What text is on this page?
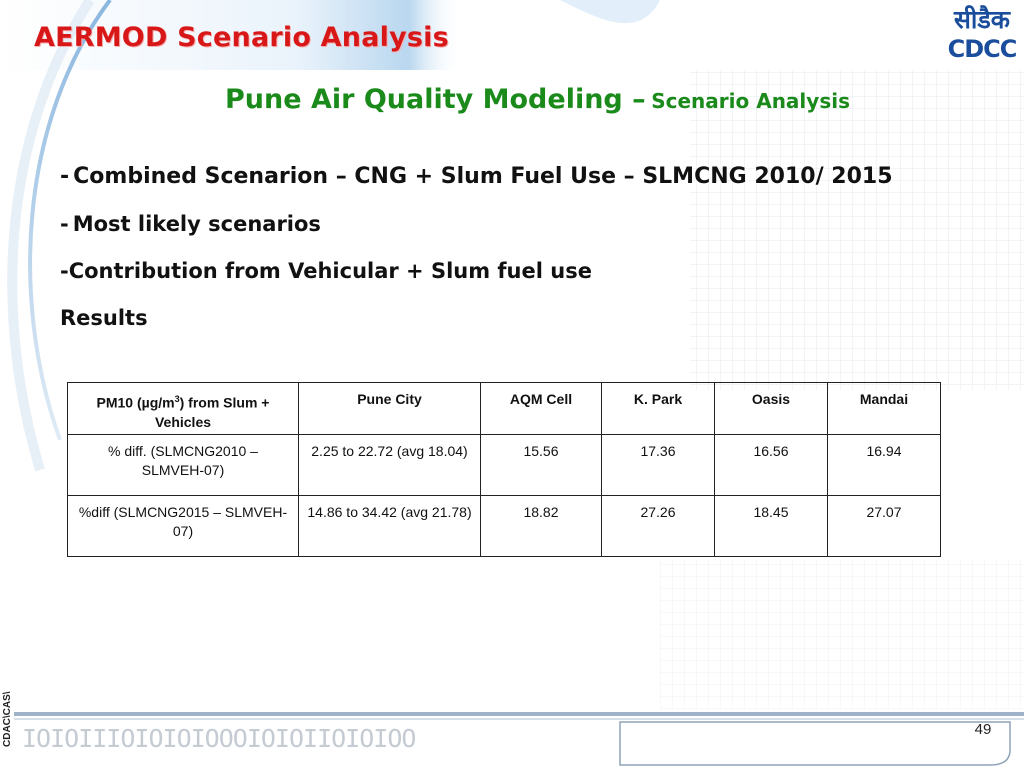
AERMOD Scenario Analysis
सीडैक
CDCC
Pune Air Quality Modeling – Scenario Analysis
- Combined Scenarion – CNG + Slum Fuel Use – SLMCNG 2010/ 2015
- Most likely scenarios
-Contribution from Vehicular + Slum fuel use
Results
PM10 $(\mu g/m^3)$ from Slum + Vehicles	Pune City	AQM Cell	K. Park	Oasis	Mandai
% diff. (SLMCNG2010 – SLMVEH-07)	2.25 to 22.72 (avg 18.04)	15.56	17.36	16.56	16.94
%diff (SLMCNG2015 – SLMVEH-07)	14.86 to 34.42 (avg 21.78)	18.82	27.26	18.45	27.07
IOIOIIIOIOIOIOOOIOIOIIOIOIOO
CDAC\CAS\	49
